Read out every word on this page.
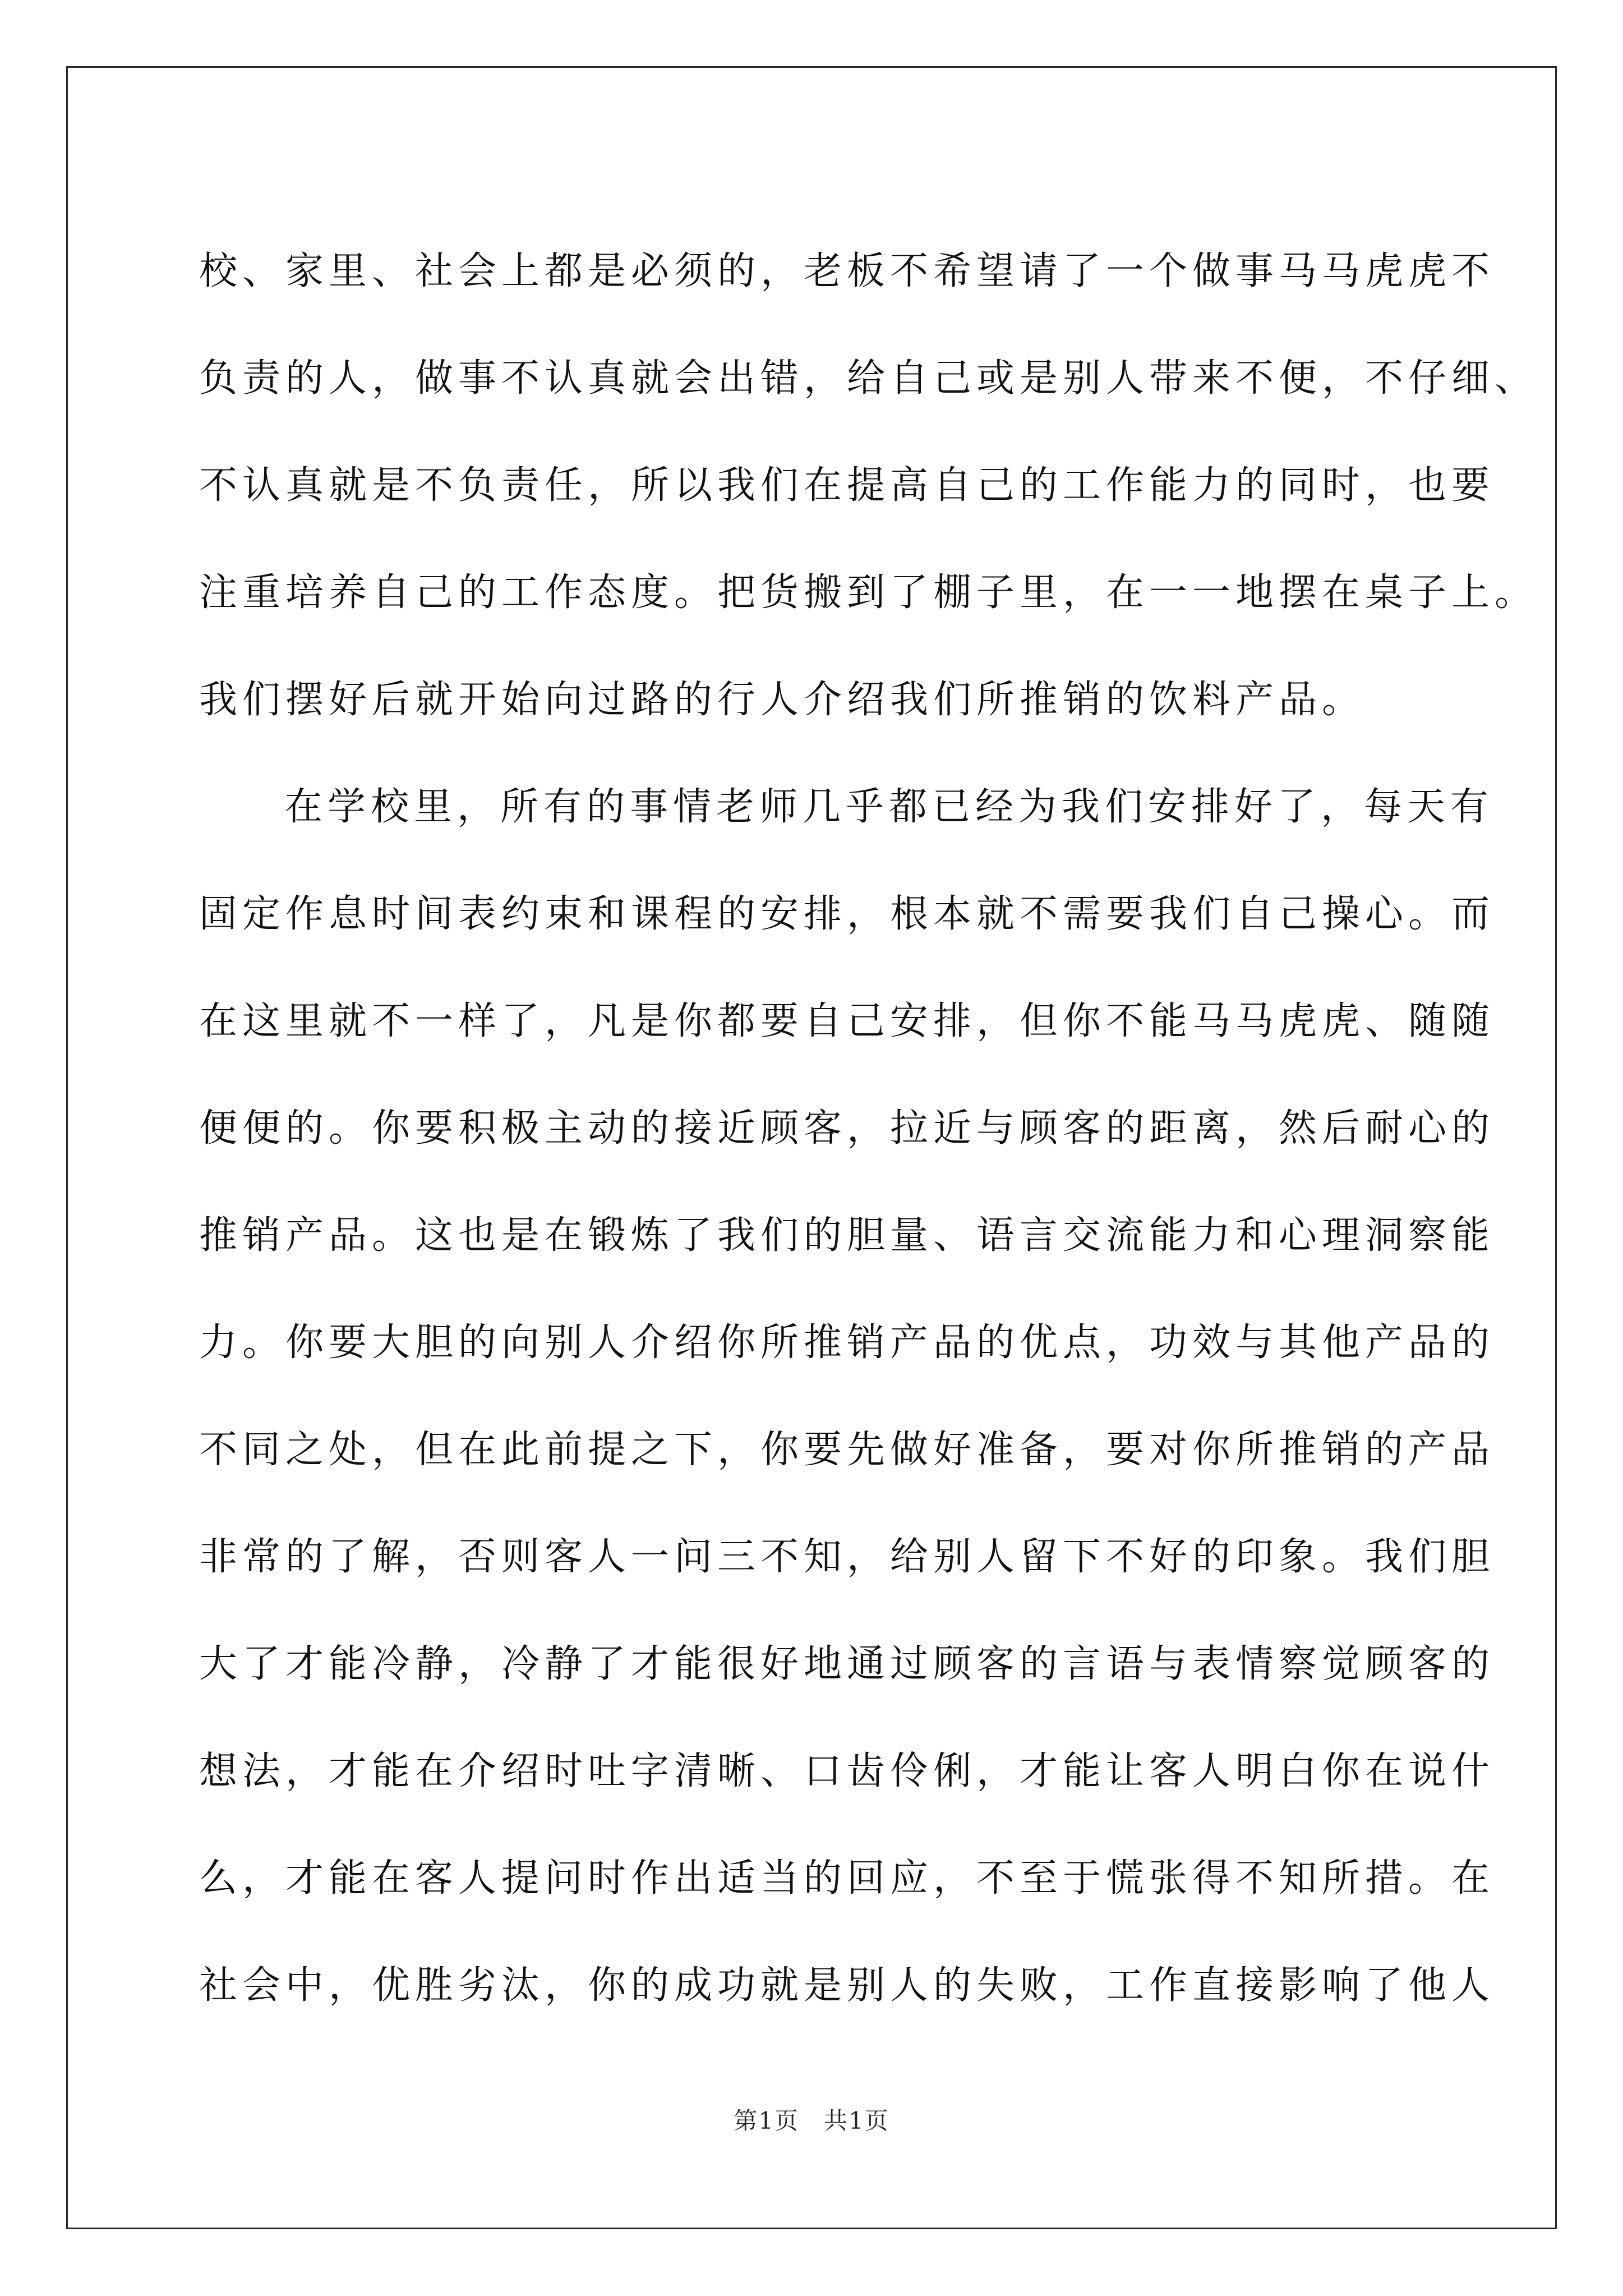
校、家里、社会上都是必须的，老板不希望请了一个做事马马虎虎不
负责的人，做事不认真就会出错，给自己或是别人带来不便，不仔细、
不认真就是不负责任，所以我们在提高自己的工作能力的同时，也要
注重培养自己的工作态度。把货搬到了棚子里，在一一地摆在桌子上。
我们摆好后就开始向过路的行人介绍我们所推销的饮料产品。
在学校里，所有的事情老师几乎都已经为我们安排好了，每天有
固定作息时间表约束和课程的安排，根本就不需要我们自己操心。而
在这里就不一样了，凡是你都要自己安排，但你不能马马虎虎、随随
便便的。你要积极主动的接近顾客，拉近与顾客的距离，然后耐心的
推销产品。这也是在锻炼了我们的胆量、语言交流能力和心理洞察能
力。你要大胆的向别人介绍你所推销产品的优点，功效与其他产品的
不同之处，但在此前提之下，你要先做好准备，要对你所推销的产品
非常的了解，否则客人一问三不知，给别人留下不好的印象。我们胆
大了才能冷静，冷静了才能很好地通过顾客的言语与表情察觉顾客的
想法，才能在介绍时吐字清晰、口齿伶俐，才能让客人明白你在说什
么，才能在客人提问时作出适当的回应，不至于慌张得不知所措。在
社会中，优胜劣汰，你的成功就是别人的失败，工作直接影响了他人
第1页　共1页
